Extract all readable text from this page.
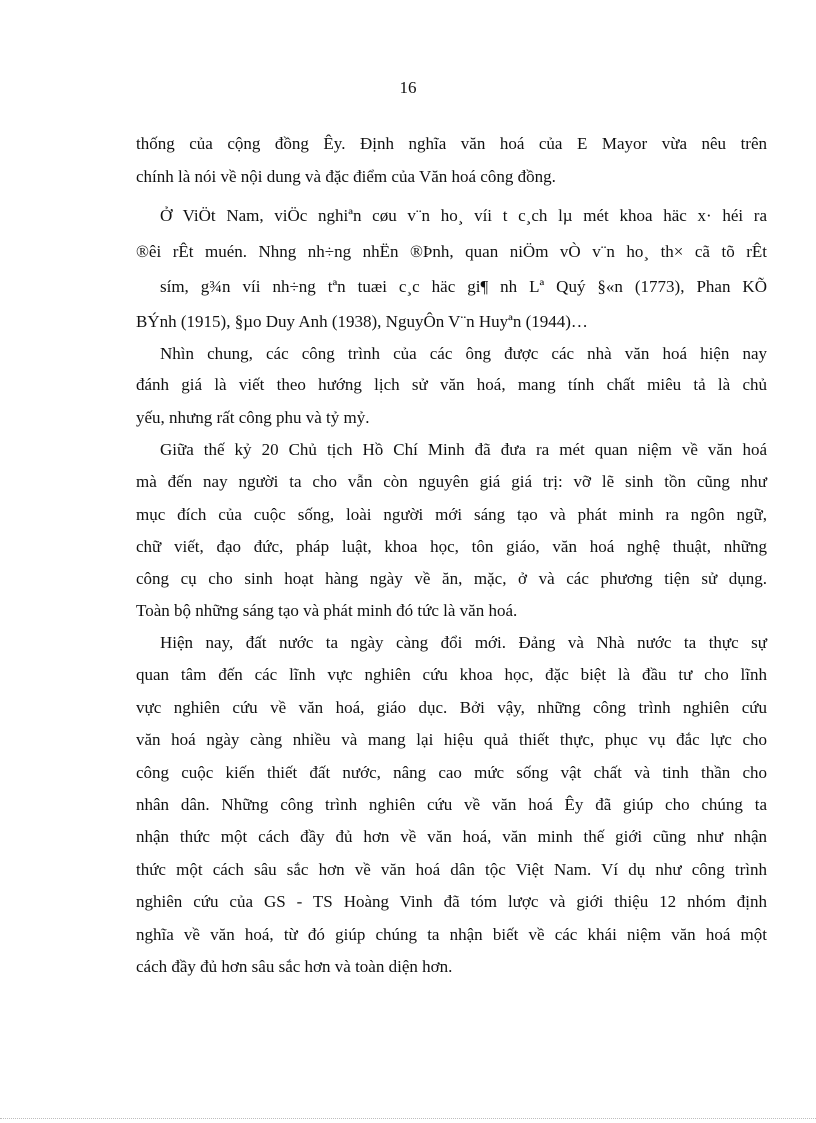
16
thống của cộng đồng Êy. Định nghĩa văn hoá của E Mayor vừa nêu trên
chính là nói về nội dung và đặc điểm của Văn hoá công đồng.
Ở ViÖt Nam, viÖc nghiªn cøu v¨n ho¸ víi t c¸ch lµ mét khoa häc x· héi ra
®êi rÊt muén. Nhng nh÷ng nhËn ®Þnh, quan niÖm vÒ v¨n ho¸ th× cã tõ rÊt
sím, g¾n víi nh÷ng tªn tuæi c¸c häc gi¶ nh Lª Quý §«n (1773), Phan KÕ
BÝnh (1915), §µo Duy Anh (1938), NguyÔn V¨n Huyªn (1944)…
Nhìn chung, các công trình của các ông được các nhà văn hoá hiện nay
đánh giá là viết theo hướng lịch sử văn hoá, mang tính chất miêu tả là chủ
yếu, nhưng rất công phu và tỷ mỷ.
Giữa thế kỷ 20 Chủ tịch Hồ Chí Minh đã đưa ra mét quan niệm về văn hoá
mà đến nay người ta cho vẫn còn nguyên giá giá trị: vỡ lẽ sinh tồn cũng như
mục đích của cuộc sống, loài người mới sáng tạo và phát minh ra ngôn ngữ,
chữ viết, đạo đức, pháp luật, khoa học, tôn giáo, văn hoá nghệ thuật, những
công cụ cho sinh hoạt hàng ngày về ăn, mặc, ở và các phương tiện sử dụng.
Toàn bộ những sáng tạo và phát minh đó tức là văn hoá.
Hiện nay, đất nước ta ngày càng đổi mới. Đảng và Nhà nước ta thực sự
quan tâm đến các lĩnh vực nghiên cứu khoa học, đặc biệt là đầu tư cho lĩnh
vực nghiên cứu về văn hoá, giáo dục. Bởi vậy, những công trình nghiên cứu
văn hoá ngày càng nhiều và mang lại hiệu quả thiết thực, phục vụ đắc lực cho
công cuộc kiến thiết đất nước, nâng cao mức sống vật chất và tinh thần cho
nhân dân. Những công trình nghiên cứu về văn hoá Êy đã giúp cho chúng ta
nhận thức một cách đầy đủ hơn về văn hoá, văn minh thế giới cũng như nhận
thức một cách sâu sắc hơn về văn hoá dân tộc Việt Nam. Ví dụ như công trình
nghiên cứu của GS - TS Hoàng Vinh đã tóm lược và giới thiệu 12 nhóm định
nghĩa về văn hoá, từ đó giúp chúng ta nhận biết về các khái niệm văn hoá một
cách đầy đủ hơn sâu sắc hơn và toàn diện hơn.
